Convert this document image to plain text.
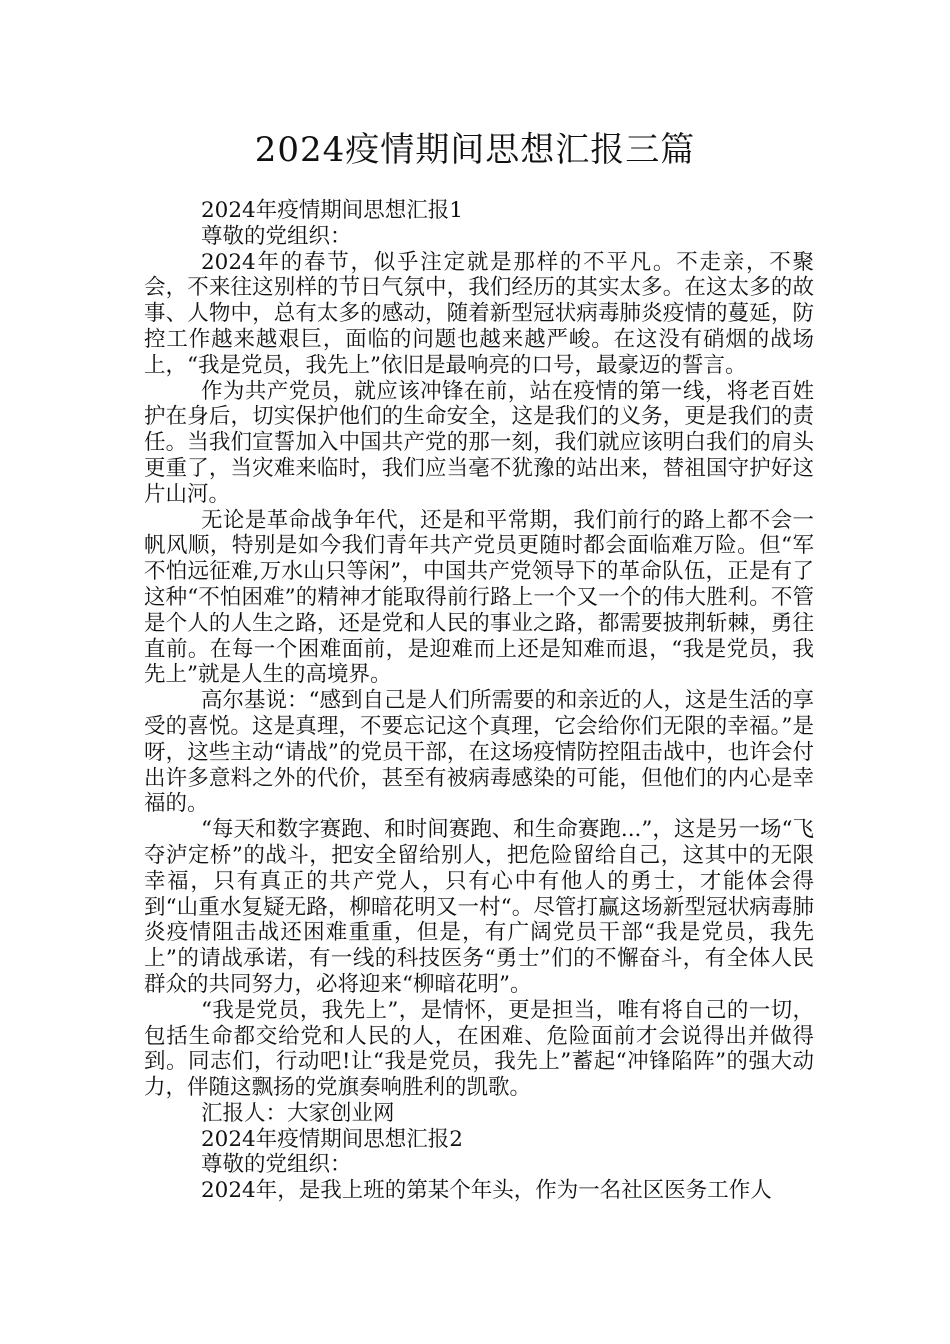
2024疫情期间思想汇报三篇

2024年疫情期间思想汇报1

尊敬的党组织：

2024年的春节，似乎注定就是那样的不平凡。不走亲，不聚会，不来往这别样的节日气氛中，我们经历的其实太多。在这太多的故事、人物中，总有太多的感动，随着新型冠状病毒肺炎疫情的蔓延，防控工作越来越艰巨，面临的问题也越来越严峻。在这没有硝烟的战场上，“我是党员，我先上”依旧是最响亮的口号，最豪迈的誓言。

作为共产党员，就应该冲锋在前，站在疫情的第一线，将老百姓护在身后，切实保护他们的生命安全，这是我们的义务，更是我们的责任。当我们宣誓加入中国共产党的那一刻，我们就应该明白我们的肩头更重了，当灾难来临时，我们应当毫不犹豫的站出来，替祖国守护好这片山河。

无论是革命战争年代，还是和平常期，我们前行的路上都不会一帆风顺，特别是如今我们青年共产党员更随时都会面临难万险。但“军不怕远征难,万水山只等闲”，中国共产党领导下的革命队伍，正是有了这种“不怕困难”的精神才能取得前行路上一个又一个的伟大胜利。不管是个人的人生之路，还是党和人民的事业之路，都需要披荆斩棘，勇往直前。在每一个困难面前，是迎难而上还是知难而退，“我是党员，我先上”就是人生的高境界。

高尔基说：“感到自己是人们所需要的和亲近的人，这是生活的享受的喜悦。这是真理，不要忘记这个真理，它会给你们无限的幸福。”是呀，这些主动“请战”的党员干部，在这场疫情防控阻击战中，也许会付出许多意料之外的代价，甚至有被病毒感染的可能，但他们的内心是幸福的。

“每天和数字赛跑、和时间赛跑、和生命赛跑...”，这是另一场“飞夺泸定桥”的战斗，把安全留给别人，把危险留给自己，这其中的无限幸福，只有真正的共产党人，只有心中有他人的勇士，才能体会得到“山重水复疑无路，柳暗花明又一村“。尽管打赢这场新型冠状病毒肺炎疫情阻击战还困难重重，但是，有广阔党员干部“我是党员，我先上”的请战承诺，有一线的科技医务“勇士”们的不懈奋斗，有全体人民群众的共同努力，必将迎来“柳暗花明”。

“我是党员，我先上”，是情怀，更是担当，唯有将自己的一切，包括生命都交给党和人民的人，在困难、危险面前才会说得出并做得到。同志们，行动吧!让“我是党员，我先上”蓄起“冲锋陷阵”的强大动力，伴随这飘扬的党旗奏响胜利的凯歌。

汇报人：大家创业网

2024年疫情期间思想汇报2

尊敬的党组织：

2024年，是我上班的第某个年头，作为一名社区医务工作人
